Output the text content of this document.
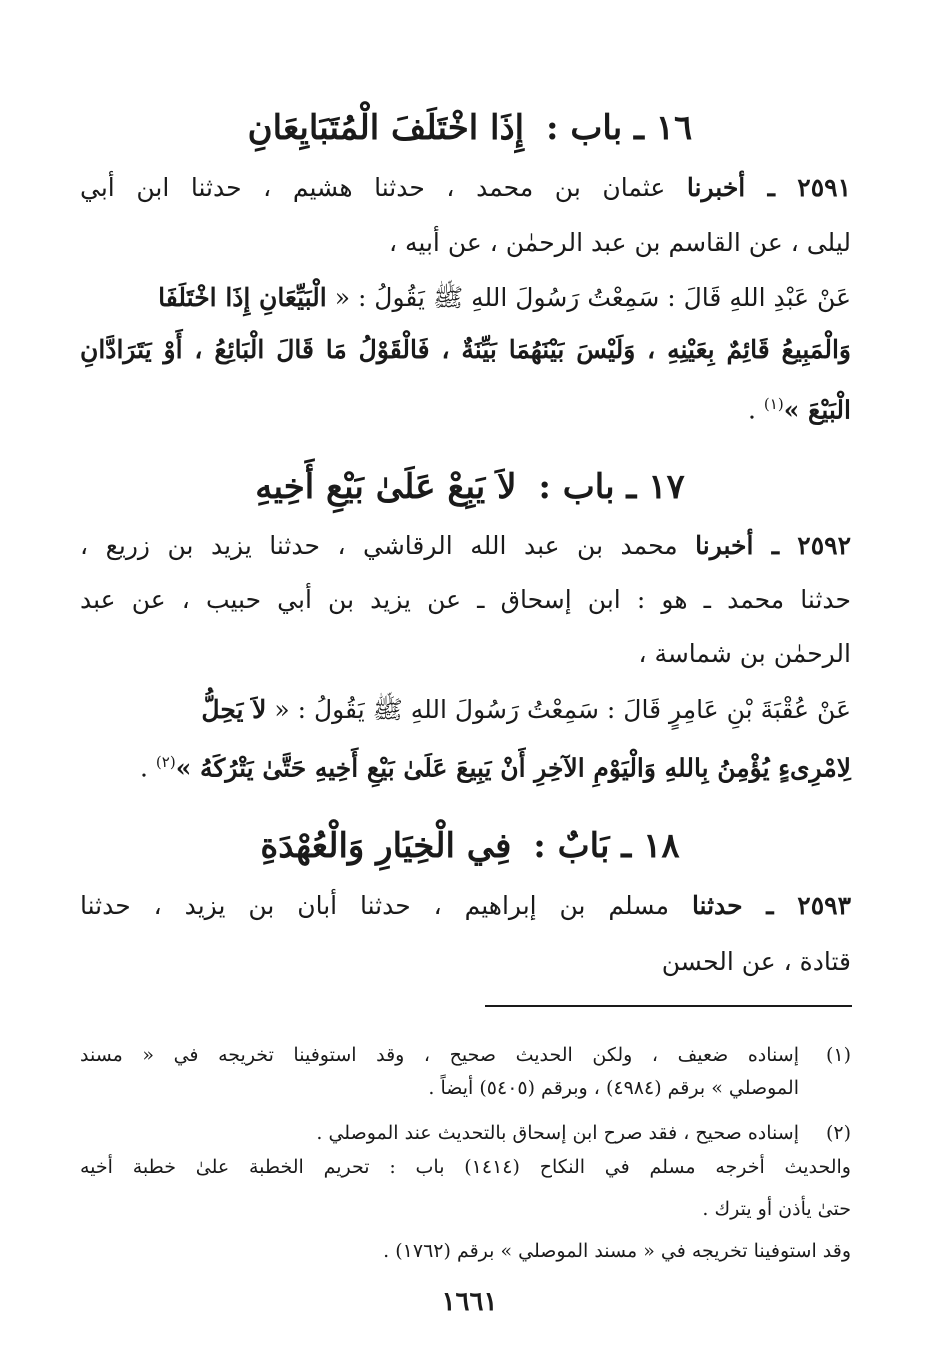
١٦ ـ باب : إِذَا اخْتَلَفَ الْمُتَبَايِعَانِ
٢٥٩١ ـ أخبرنا عثمان بن محمد ، حدثنا هشيم ، حدثنا ابن أبي
ليلى ، عن القاسم بن عبد الرحمٰن ، عن أبيه ،
عَنْ عَبْدِ اللهِ قَالَ : سَمِعْتُ رَسُولَ اللهِ ﷺ يَقُولُ : « الْبَيِّعَانِ إِذَا اخْتَلَفَا
وَالْمَبِيعُ قَائِمٌ بِعَيْنِهِ ، وَلَيْسَ بَيْنَهُمَا بَيِّنَةٌ ، فَالْقَوْلُ مَا قَالَ الْبَائِعُ ، أَوْ يَتَرَادَّانِ
الْبَيْعَ »$^{(١)}$ .
١٧ ـ باب : لاَ يَبِعْ عَلَىٰ بَيْعِ أَخِيهِ
٢٥٩٢ ـ أخبرنا محمد بن عبد الله الرقاشي ، حدثنا يزيد بن زريع ،
حدثنا محمد ـ هو : ابن إسحاق ـ عن يزيد بن أبي حبيب ، عن عبد
الرحمٰن بن شماسة ،
عَنْ عُقْبَةَ بْنِ عَامِرٍ قَالَ : سَمِعْتُ رَسُولَ اللهِ ﷺ يَقُولُ : « لاَ يَحِلُّ
لِامْرِىءٍ يُؤْمِنُ بِاللهِ وَالْيَوْمِ الآخِرِ أَنْ يَبِيعَ عَلَىٰ بَيْعِ أَخِيهِ حَتَّىٰ يَتْرُكَهُ »$^{(٢)}$ .
١٨ ـ بَابٌ : فِي الْخِيَارِ وَالْعُهْدَةِ
٢٥٩٣ ـ حدثنا مسلم بن إبراهيم ، حدثنا أبان بن يزيد ، حدثنا
قتادة ، عن الحسن
(١)
إسناده ضعيف ، ولكن الحديث صحيح ، وقد استوفينا تخريجه في « مسند
الموصلي » برقم (٤٩٨٤) ، وبرقم (٥٤٠٥) أيضاً .
(٢)
إسناده صحيح ، فقد صرح ابن إسحاق بالتحديث عند الموصلي .
والحديث أخرجه مسلم في النكاح (١٤١٤) باب : تحريم الخطبة علىٰ خطبة أخيه
حتىٰ يأذن أو يترك .
وقد استوفينا تخريجه في « مسند الموصلي » برقم (١٧٦٢) .
١٦٦١
